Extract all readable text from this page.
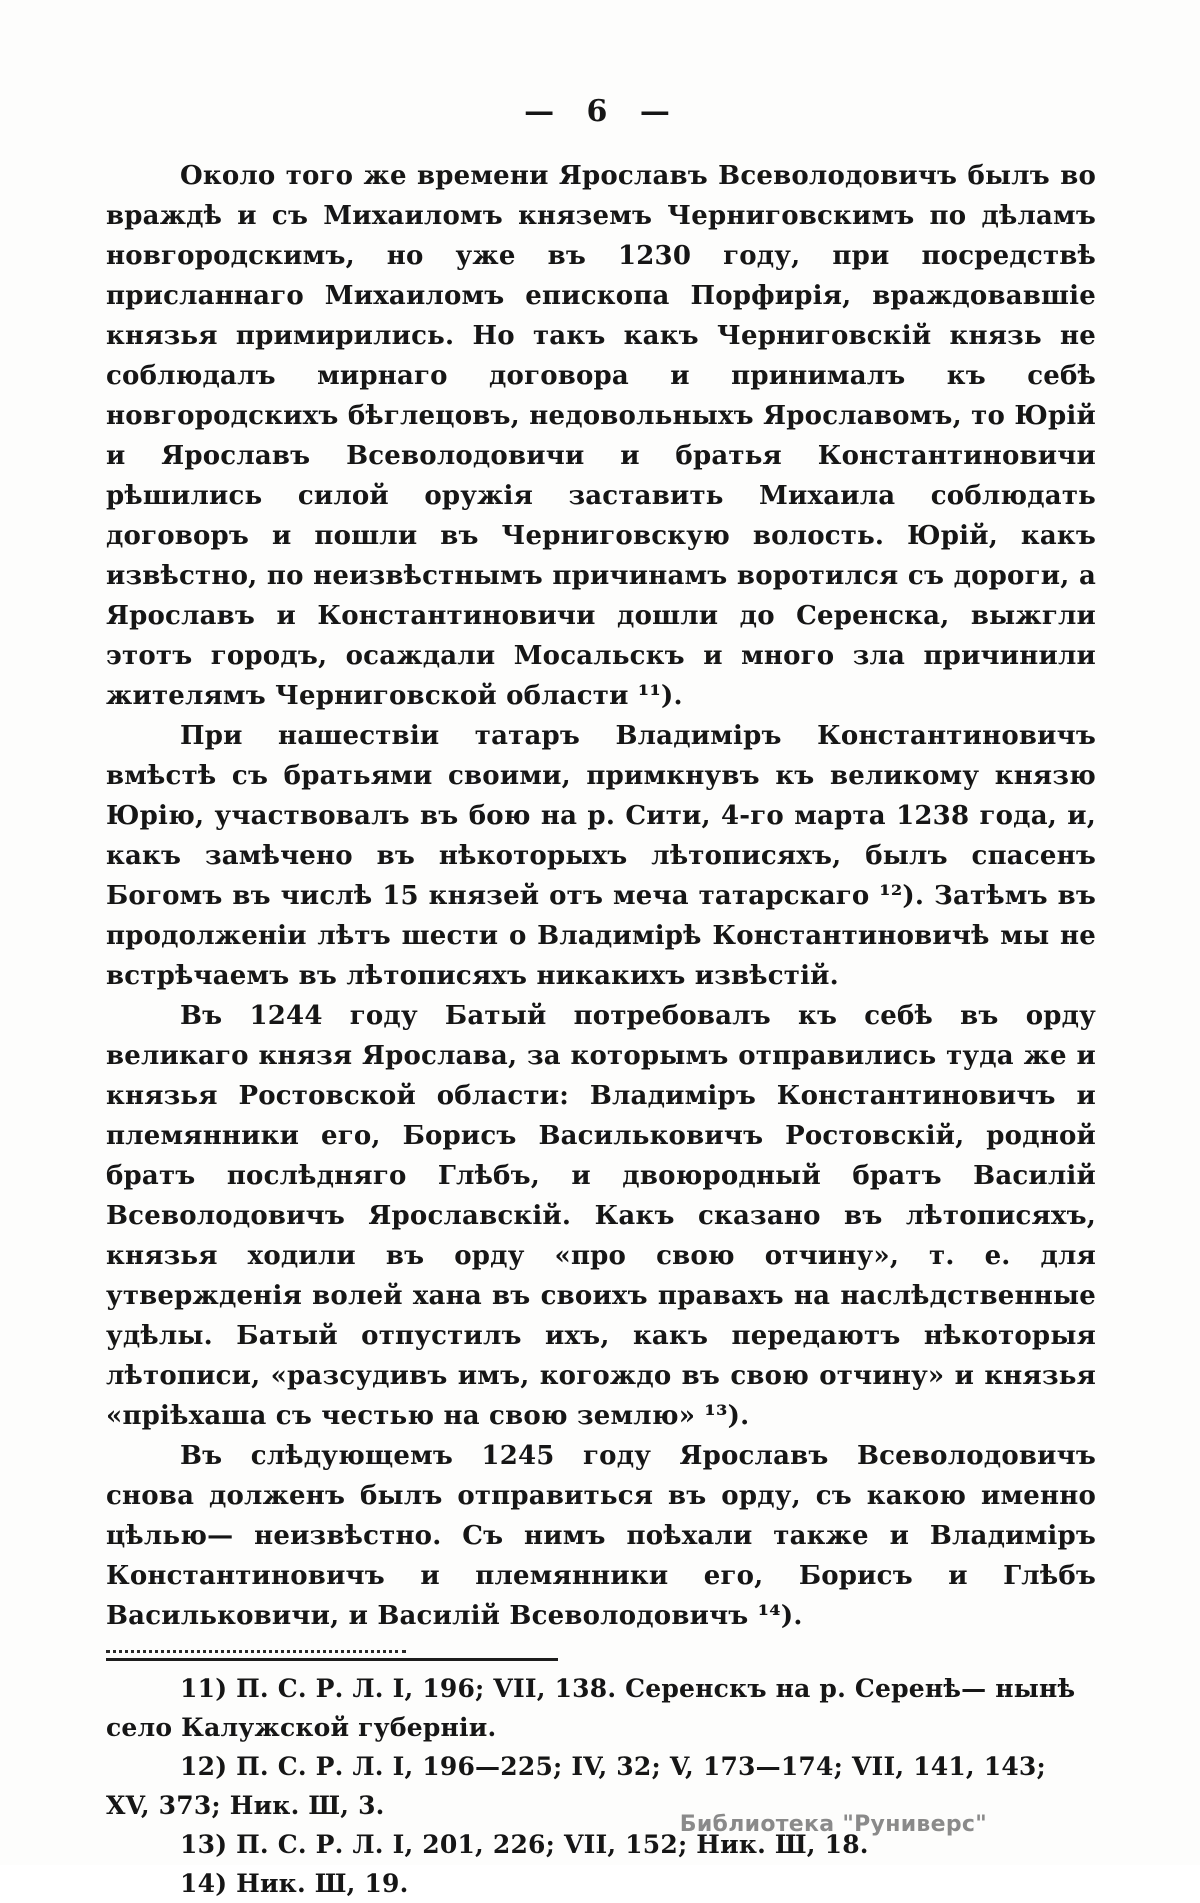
— 6 —

Около того же времени Ярославъ Всеволодовичъ былъ во враждѣ и съ Михаиломъ княземъ Черниговскимъ по дѣламъ новгородскимъ, но уже въ 1230 году, при посредствѣ присланнаго Михаиломъ епископа Порфирія, враждовавшіе князья примирились. Но такъ какъ Черниговскій князь не соблюдалъ мирнаго договора и принималъ къ себѣ новгородскихъ бѣглецовъ, недовольныхъ Ярославомъ, то Юрій и Ярославъ Всеволодовичи и братья Константиновичи рѣшились силой оружія заставить Михаила соблюдать договоръ и пошли въ Черниговскую волость. Юрій, какъ извѣстно, по неизвѣстнымъ причинамъ воротился съ дороги, а Ярославъ и Константиновичи дошли до Серенска, выжгли этотъ городъ, осаждали Мосальскъ и много зла причинили жителямъ Черниговской области ¹¹).

При нашествіи татаръ Владиміръ Константиновичъ вмѣстѣ съ братьями своими, примкнувъ къ великому князю Юрію, участвовалъ въ бою на р. Сити, 4-го марта 1238 года, и, какъ замѣчено въ нѣкоторыхъ лѣтописяхъ, былъ спасенъ Богомъ въ числѣ 15 князей отъ меча татарскаго ¹²). Затѣмъ въ продолженіи лѣтъ шести о Владимірѣ Константиновичѣ мы не встрѣчаемъ въ лѣтописяхъ никакихъ извѣстій.

Въ 1244 году Батый потребовалъ къ себѣ въ орду великаго князя Ярослава, за которымъ отправились туда же и князья Ростовской области: Владиміръ Константиновичъ и племянники его, Борисъ Васильковичъ Ростовскій, родной братъ послѣдняго Глѣбъ, и двоюродный братъ Василій Всеволодовичъ Ярославскій. Какъ сказано въ лѣтописяхъ, князья ходили въ орду «про свою отчину», т. е. для утвержденія волей хана въ своихъ правахъ на наслѣдственные удѣлы. Батый отпустилъ ихъ, какъ передаютъ нѣкоторыя лѣтописи, «разсудивъ имъ, когождо въ свою отчину» и князья «пріѣхаша съ честью на свою землю» ¹³).

Въ слѣдующемъ 1245 году Ярославъ Всеволодовичъ снова долженъ былъ отправиться въ орду, съ какою именно цѣлью— неизвѣстно. Съ нимъ поѣхали также и Владиміръ Константиновичъ и племянники его, Борисъ и Глѣбъ Васильковичи, и Василій Всеволодовичъ ¹⁴).

11) П. С. Р. Л. I, 196; VII, 138. Серенскъ на р. Серенѣ— нынѣ село Калужской губерніи.

12) П. С. Р. Л. I, 196—225; IV, 32; V, 173—174; VII, 141, 143; XV, 373; Ник. Ш, 3.

13) П. С. Р. Л. I, 201, 226; VII, 152; Ник. Ш, 18.

14) Ник. Ш, 19.

Библиотека "Руниверс"
